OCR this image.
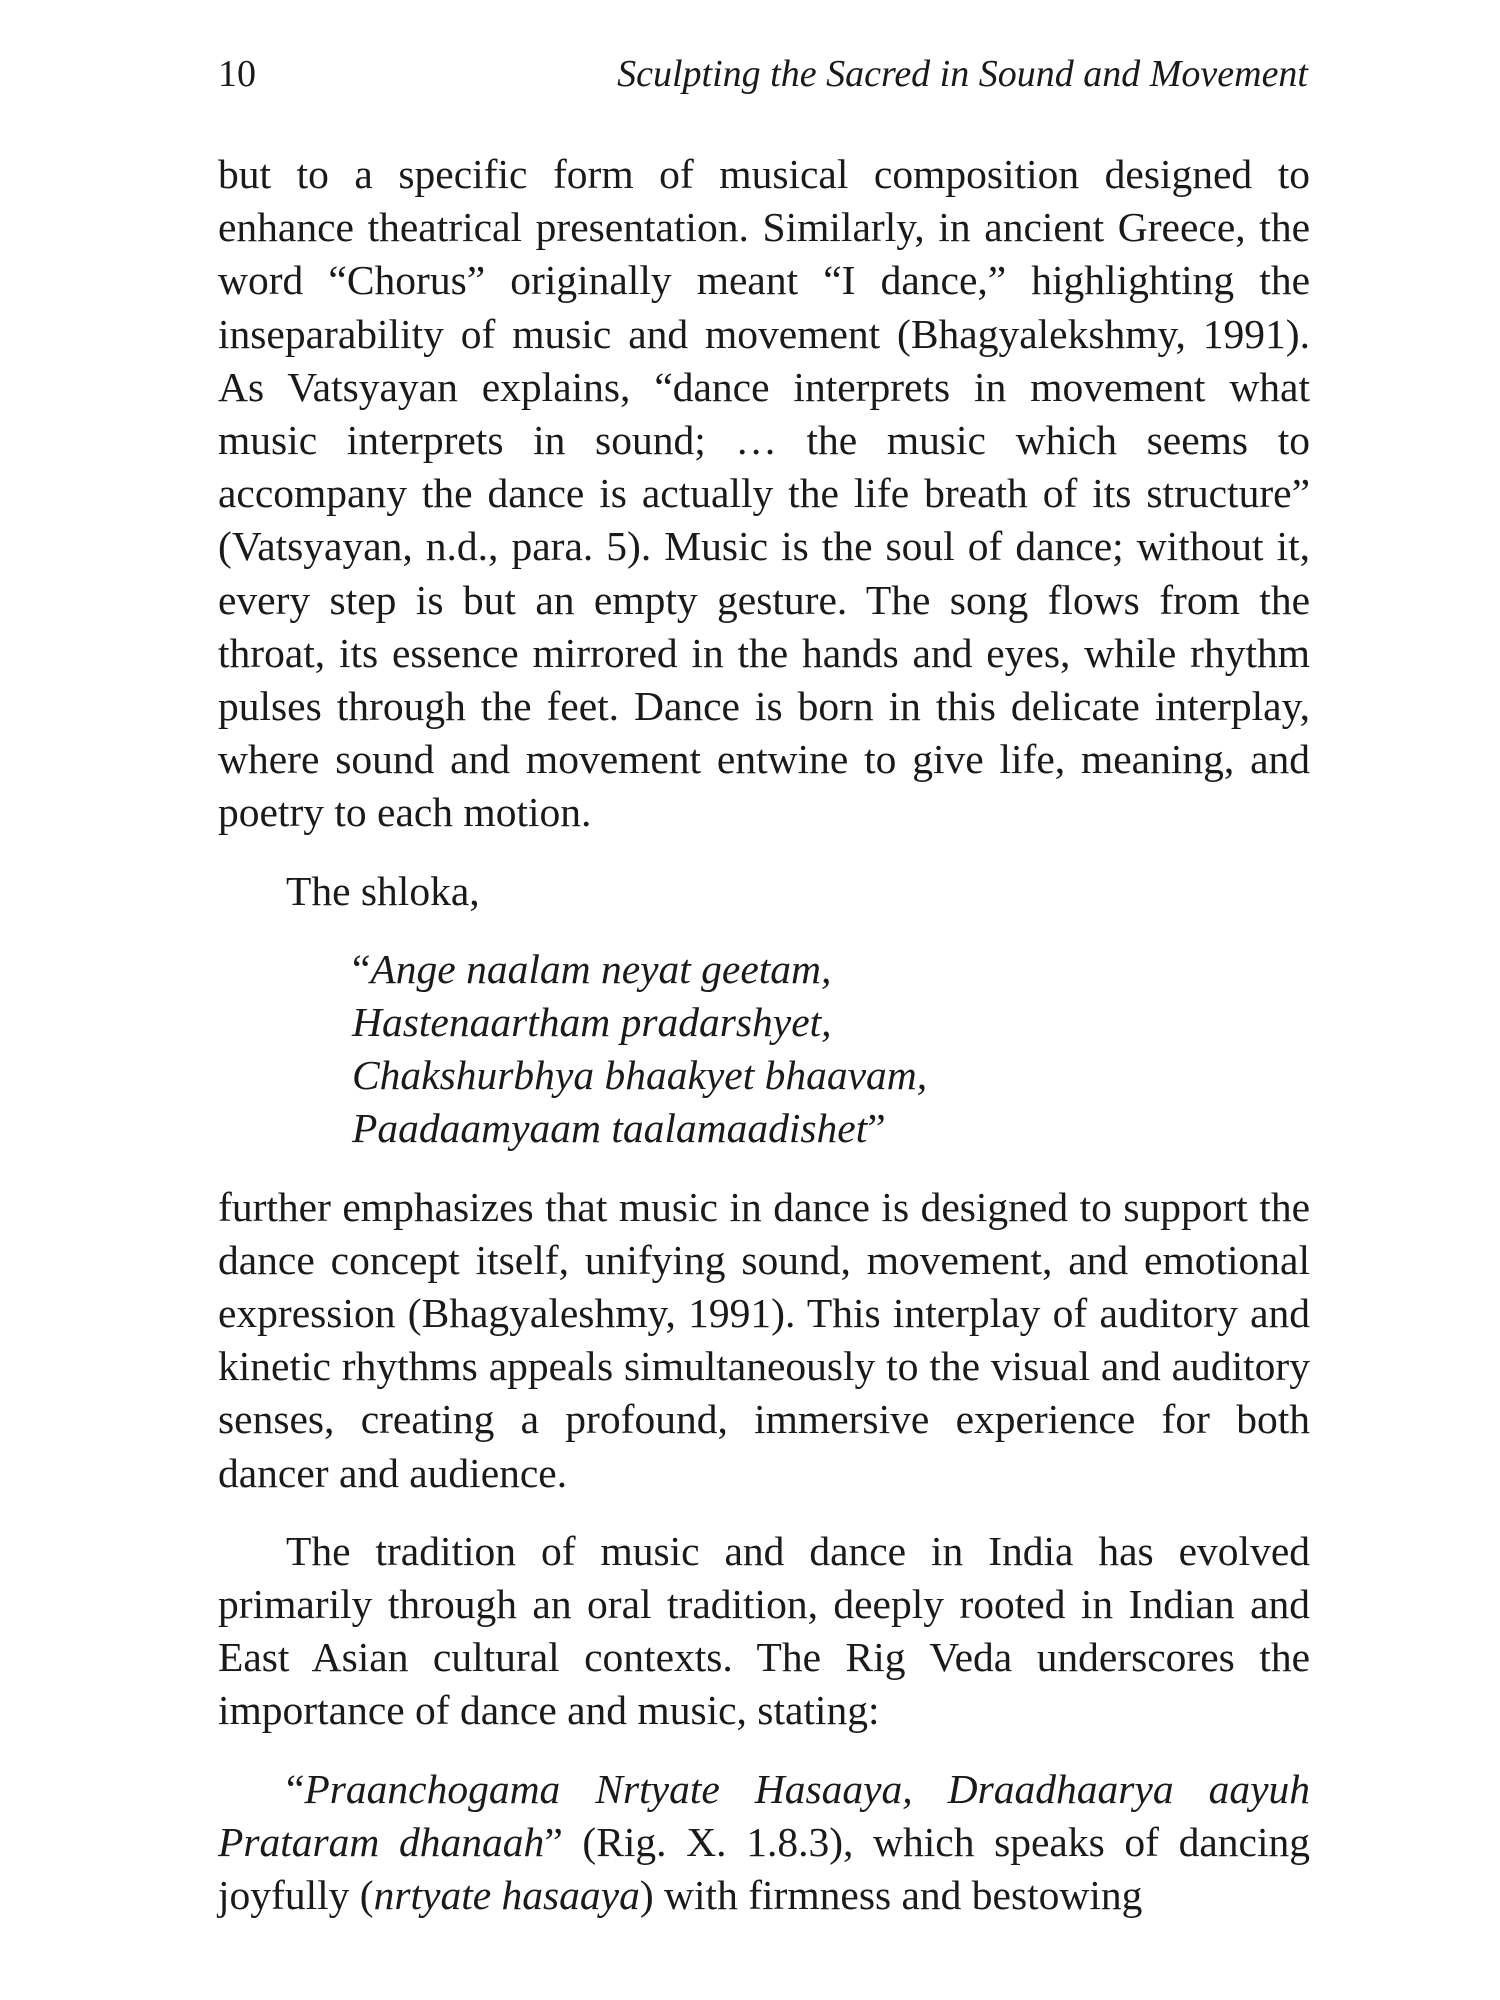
10	Sculpting the Sacred in Sound and Movement

but to a specific form of musical composition designed to enhance theatrical presentation. Similarly, in ancient Greece, the word “Chorus” originally meant “I dance,” highlighting the inseparability of music and movement (Bhagyalekshmy, 1991). As Vatsyayan explains, “dance interprets in movement what music interprets in sound; … the music which seems to accompany the dance is actually the life breath of its structure” (Vatsyayan, n.d., para. 5). Music is the soul of dance; without it, every step is but an empty gesture. The song flows from the throat, its essence mirrored in the hands and eyes, while rhythm pulses through the feet. Dance is born in this delicate interplay, where sound and movement entwine to give life, meaning, and poetry to each motion.

The shloka,

“Ange naalam neyat geetam,
Hastenaartham pradarshyet,
Chakshurbhya bhaakyet bhaavam,
Paadaamyaam taalamaadishet”

further emphasizes that music in dance is designed to support the dance concept itself, unifying sound, movement, and emotional expression (Bhagyaleshmy, 1991). This interplay of auditory and kinetic rhythms appeals simultaneously to the visual and auditory senses, creating a profound, immersive experience for both dancer and audience.

The tradition of music and dance in India has evolved primarily through an oral tradition, deeply rooted in Indian and East Asian cultural contexts. The Rig Veda underscores the importance of dance and music, stating:

“Praanchogama Nrtyate Hasaaya, Draadhaarya aayuh Prataram dhanaah” (Rig. X. 1.8.3), which speaks of dancing joyfully (nrtyate hasaaya) with firmness and bestowing
